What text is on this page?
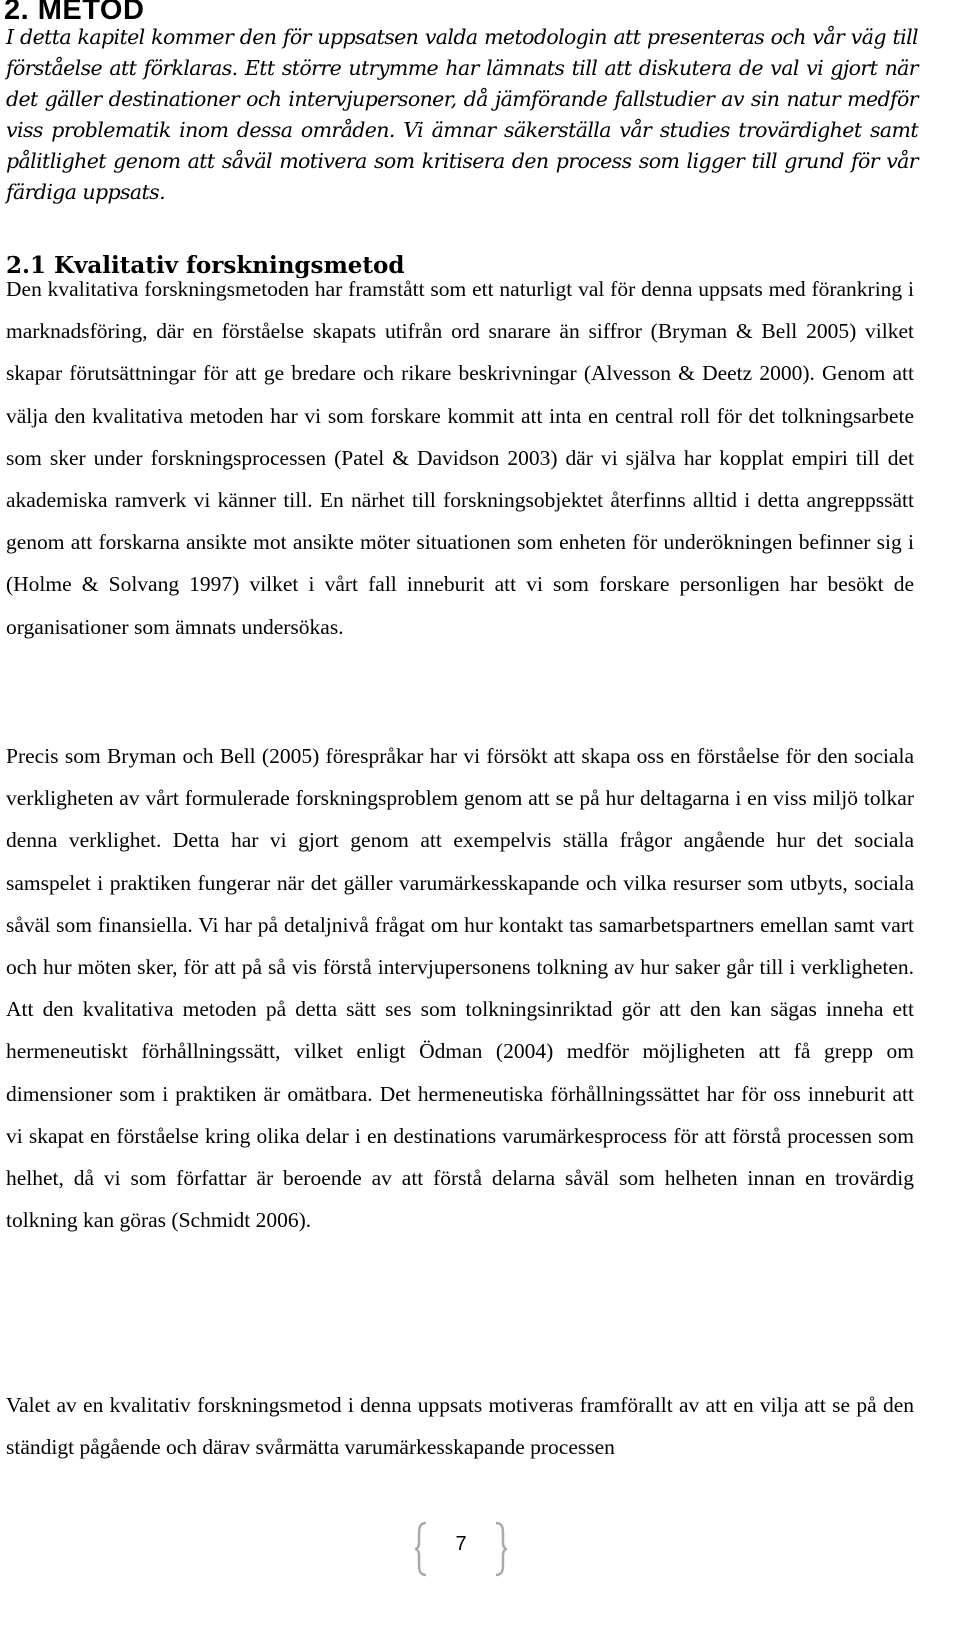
2. METOD

I detta kapitel kommer den för uppsatsen valda metodologin att presenteras och vår väg till förståelse att förklaras. Ett större utrymme har lämnats till att diskutera de val vi gjort när det gäller destinationer och intervjupersoner, då jämförande fallstudier av sin natur medför viss problematik inom dessa områden. Vi ämnar säkerställa vår studies trovärdighet samt pålitlighet genom att såväl motivera som kritisera den process som ligger till grund för vår färdiga uppsats.

2.1 Kvalitativ forskningsmetod

Den kvalitativa forskningsmetoden har framstått som ett naturligt val för denna uppsats med förankring i marknadsföring, där en förståelse skapats utifrån ord snarare än siffror (Bryman & Bell 2005) vilket skapar förutsättningar för att ge bredare och rikare beskrivningar (Alvesson & Deetz 2000). Genom att välja den kvalitativa metoden har vi som forskare kommit att inta en central roll för det tolkningsarbete som sker under forskningsprocessen (Patel & Davidson 2003) där vi själva har kopplat empiri till det akademiska ramverk vi känner till. En närhet till forskningsobjektet återfinns alltid i detta angreppssätt genom att forskarna ansikte mot ansikte möter situationen som enheten för underökningen befinner sig i (Holme & Solvang 1997) vilket i vårt fall inneburit att vi som forskare personligen har besökt de organisationer som ämnats undersökas.

Precis som Bryman och Bell (2005) förespråkar har vi försökt att skapa oss en förståelse för den sociala verkligheten av vårt formulerade forskningsproblem genom att se på hur deltagarna i en viss miljö tolkar denna verklighet. Detta har vi gjort genom att exempelvis ställa frågor angående hur det sociala samspelet i praktiken fungerar när det gäller varumärkesskapande och vilka resurser som utbyts, sociala såväl som finansiella. Vi har på detaljnivå frågat om hur kontakt tas samarbetspartners emellan samt vart och hur möten sker, för att på så vis förstå intervjupersonens tolkning av hur saker går till i verkligheten. Att den kvalitativa metoden på detta sätt ses som tolkningsinriktad gör att den kan sägas inneha ett hermeneutiskt förhållningssätt, vilket enligt Ödman (2004) medför möjligheten att få grepp om dimensioner som i praktiken är omätbara. Det hermeneutiska förhållningssättet har för oss inneburit att vi skapat en förståelse kring olika delar i en destinations varumärkesprocess för att förstå processen som helhet, då vi som författar är beroende av att förstå delarna såväl som helheten innan en trovärdig tolkning kan göras (Schmidt 2006).

Valet av en kvalitativ forskningsmetod i denna uppsats motiveras framförallt av att en vilja att se på den ständigt pågående och därav svårmätta varumärkesskapande processen

7
